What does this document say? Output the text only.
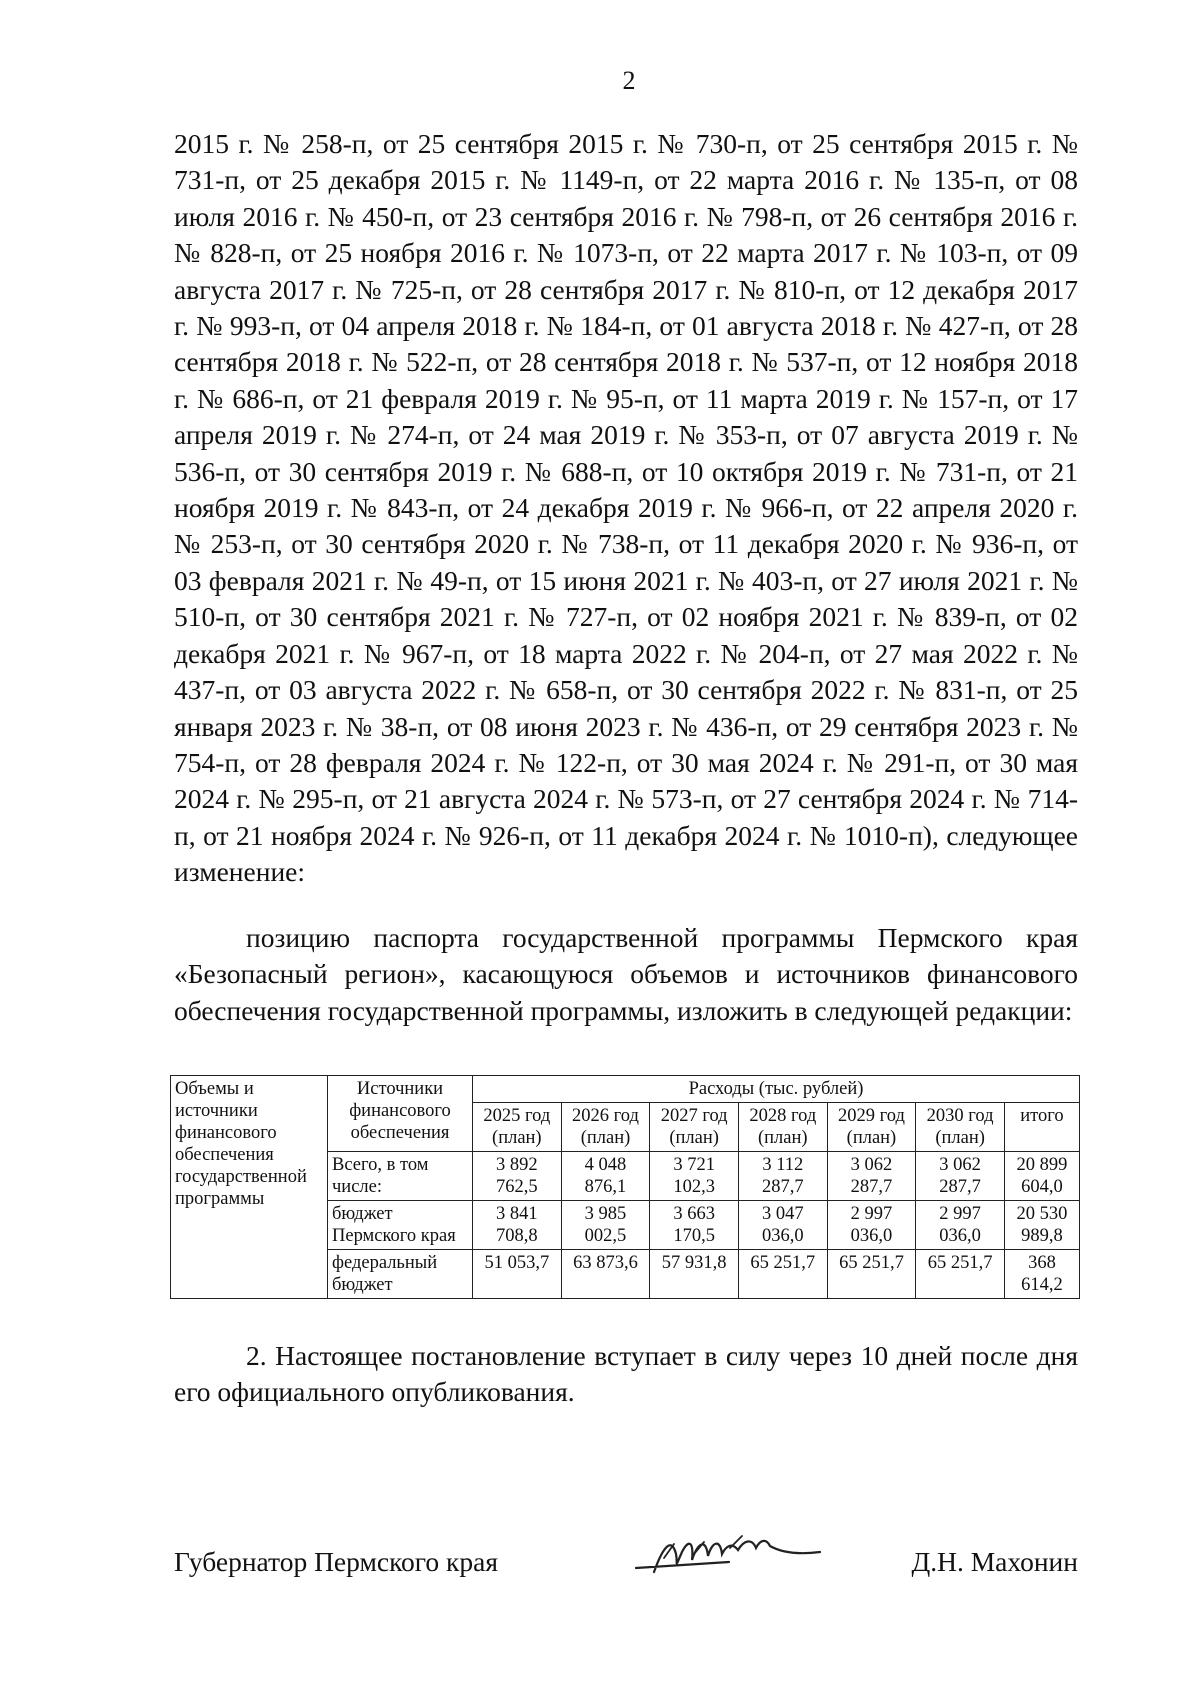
2

2015 г. № 258-п, от 25 сентября 2015 г. № 730-п, от 25 сентября 2015 г. № 731-п, от 25 декабря 2015 г. № 1149-п, от 22 марта 2016 г. № 135-п, от 08 июля 2016 г. № 450-п, от 23 сентября 2016 г. № 798-п, от 26 сентября 2016 г. № 828-п, от 25 ноября 2016 г. № 1073-п, от 22 марта 2017 г. № 103-п, от 09 августа 2017 г. № 725-п, от 28 сентября 2017 г. № 810-п, от 12 декабря 2017 г. № 993-п, от 04 апреля 2018 г. № 184-п, от 01 августа 2018 г. № 427-п, от 28 сентября 2018 г. № 522-п, от 28 сентября 2018 г. № 537-п, от 12 ноября 2018 г. № 686-п, от 21 февраля 2019 г. № 95-п, от 11 марта 2019 г. № 157-п, от 17 апреля 2019 г. № 274-п, от 24 мая 2019 г. № 353-п, от 07 августа 2019 г. № 536-п, от 30 сентября 2019 г. № 688-п, от 10 октября 2019 г. № 731-п, от 21 ноября 2019 г. № 843-п, от 24 декабря 2019 г. № 966-п, от 22 апреля 2020 г. № 253-п, от 30 сентября 2020 г. № 738-п, от 11 декабря 2020 г. № 936-п, от 03 февраля 2021 г. № 49-п, от 15 июня 2021 г. № 403-п, от 27 июля 2021 г. № 510-п, от 30 сентября 2021 г. № 727-п, от 02 ноября 2021 г. № 839-п, от 02 декабря 2021 г. № 967-п, от 18 марта 2022 г. № 204-п, от 27 мая 2022 г. № 437-п, от 03 августа 2022 г. № 658-п, от 30 сентября 2022 г. № 831-п, от 25 января 2023 г. № 38-п, от 08 июня 2023 г. № 436-п, от 29 сентября 2023 г. № 754-п, от 28 февраля 2024 г. № 122-п, от 30 мая 2024 г. № 291-п, от 30 мая 2024 г. № 295-п, от 21 августа 2024 г. № 573-п, от 27 сентября 2024 г. № 714-п, от 21 ноября 2024 г. № 926-п, от 11 декабря 2024 г. № 1010-п), следующее изменение:

позицию паспорта государственной программы Пермского края «Безопасный регион», касающуюся объемов и источников финансового обеспечения государственной программы, изложить в следующей редакции:

Объемы и источники финансового обеспечения государственной программы	Источники финансового обеспечения	Расходы (тыс. рублей)						
		2025 год (план)	2026 год (план)	2027 год (план)	2028 год (план)	2029 год (план)	2030 год (план)	итого
	Всего, в том числе:	3 892 762,5	4 048 876,1	3 721 102,3	3 112 287,7	3 062 287,7	3 062 287,7	20 899 604,0
	бюджет Пермского края	3 841 708,8	3 985 002,5	3 663 170,5	3 047 036,0	2 997 036,0	2 997 036,0	20 530 989,8
	федеральный бюджет	51 053,7	63 873,6	57 931,8	65 251,7	65 251,7	65 251,7	368 614,2

2. Настоящее постановление вступает в силу через 10 дней после дня его официального опубликования.

Губернатор Пермского края	Д.Н. Махонин
